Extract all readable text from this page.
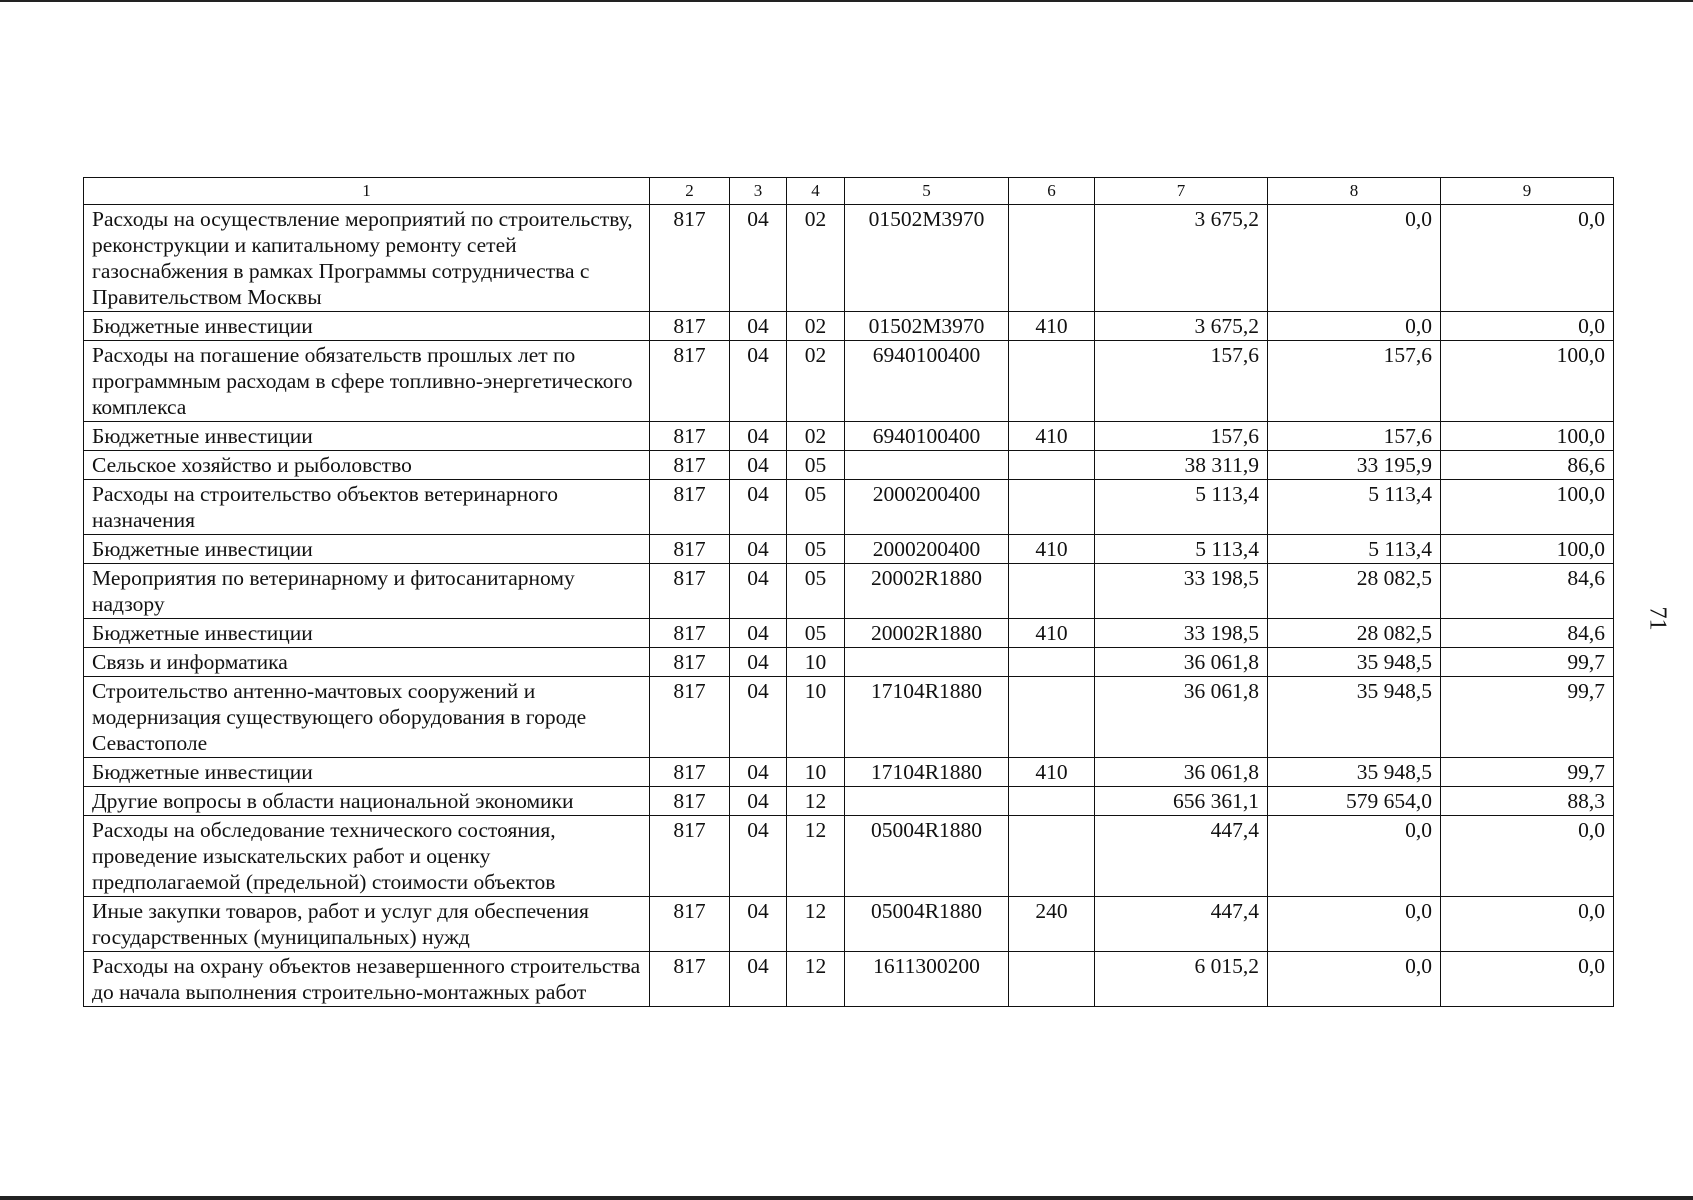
1	2	3	4	5	6	7	8	9
Расходы на осуществление мероприятий по строительству, реконструкции и капитальному ремонту сетей газоснабжения в рамках Программы сотрудничества с Правительством Москвы	817	04	02	01502M3970		3 675,2	0,0	0,0
Бюджетные инвестиции	817	04	02	01502M3970	410	3 675,2	0,0	0,0
Расходы на погашение обязательств прошлых лет по программным расходам в сфере топливно-энергетического комплекса	817	04	02	6940100400		157,6	157,6	100,0
Бюджетные инвестиции	817	04	02	6940100400	410	157,6	157,6	100,0
Сельское хозяйство и рыболовство	817	04	05			38 311,9	33 195,9	86,6
Расходы на строительство объектов ветеринарного назначения	817	04	05	2000200400		5 113,4	5 113,4	100,0
Бюджетные инвестиции	817	04	05	2000200400	410	5 113,4	5 113,4	100,0
Мероприятия по ветеринарному и фитосанитарному надзору	817	04	05	20002R1880		33 198,5	28 082,5	84,6
Бюджетные инвестиции	817	04	05	20002R1880	410	33 198,5	28 082,5	84,6
Связь и информатика	817	04	10			36 061,8	35 948,5	99,7
Строительство антенно-мачтовых сооружений и модернизация существующего оборудования в городе Севастополе	817	04	10	17104R1880		36 061,8	35 948,5	99,7
Бюджетные инвестиции	817	04	10	17104R1880	410	36 061,8	35 948,5	99,7
Другие вопросы в области национальной экономики	817	04	12			656 361,1	579 654,0	88,3
Расходы на обследование технического состояния, проведение изыскательских работ и оценку предполагаемой (предельной) стоимости объектов	817	04	12	05004R1880		447,4	0,0	0,0
Иные закупки товаров, работ и услуг для обеспечения государственных (муниципальных) нужд	817	04	12	05004R1880	240	447,4	0,0	0,0
Расходы на охрану объектов незавершенного строительства до начала выполнения строительно-монтажных работ	817	04	12	1611300200		6 015,2	0,0	0,0
71
